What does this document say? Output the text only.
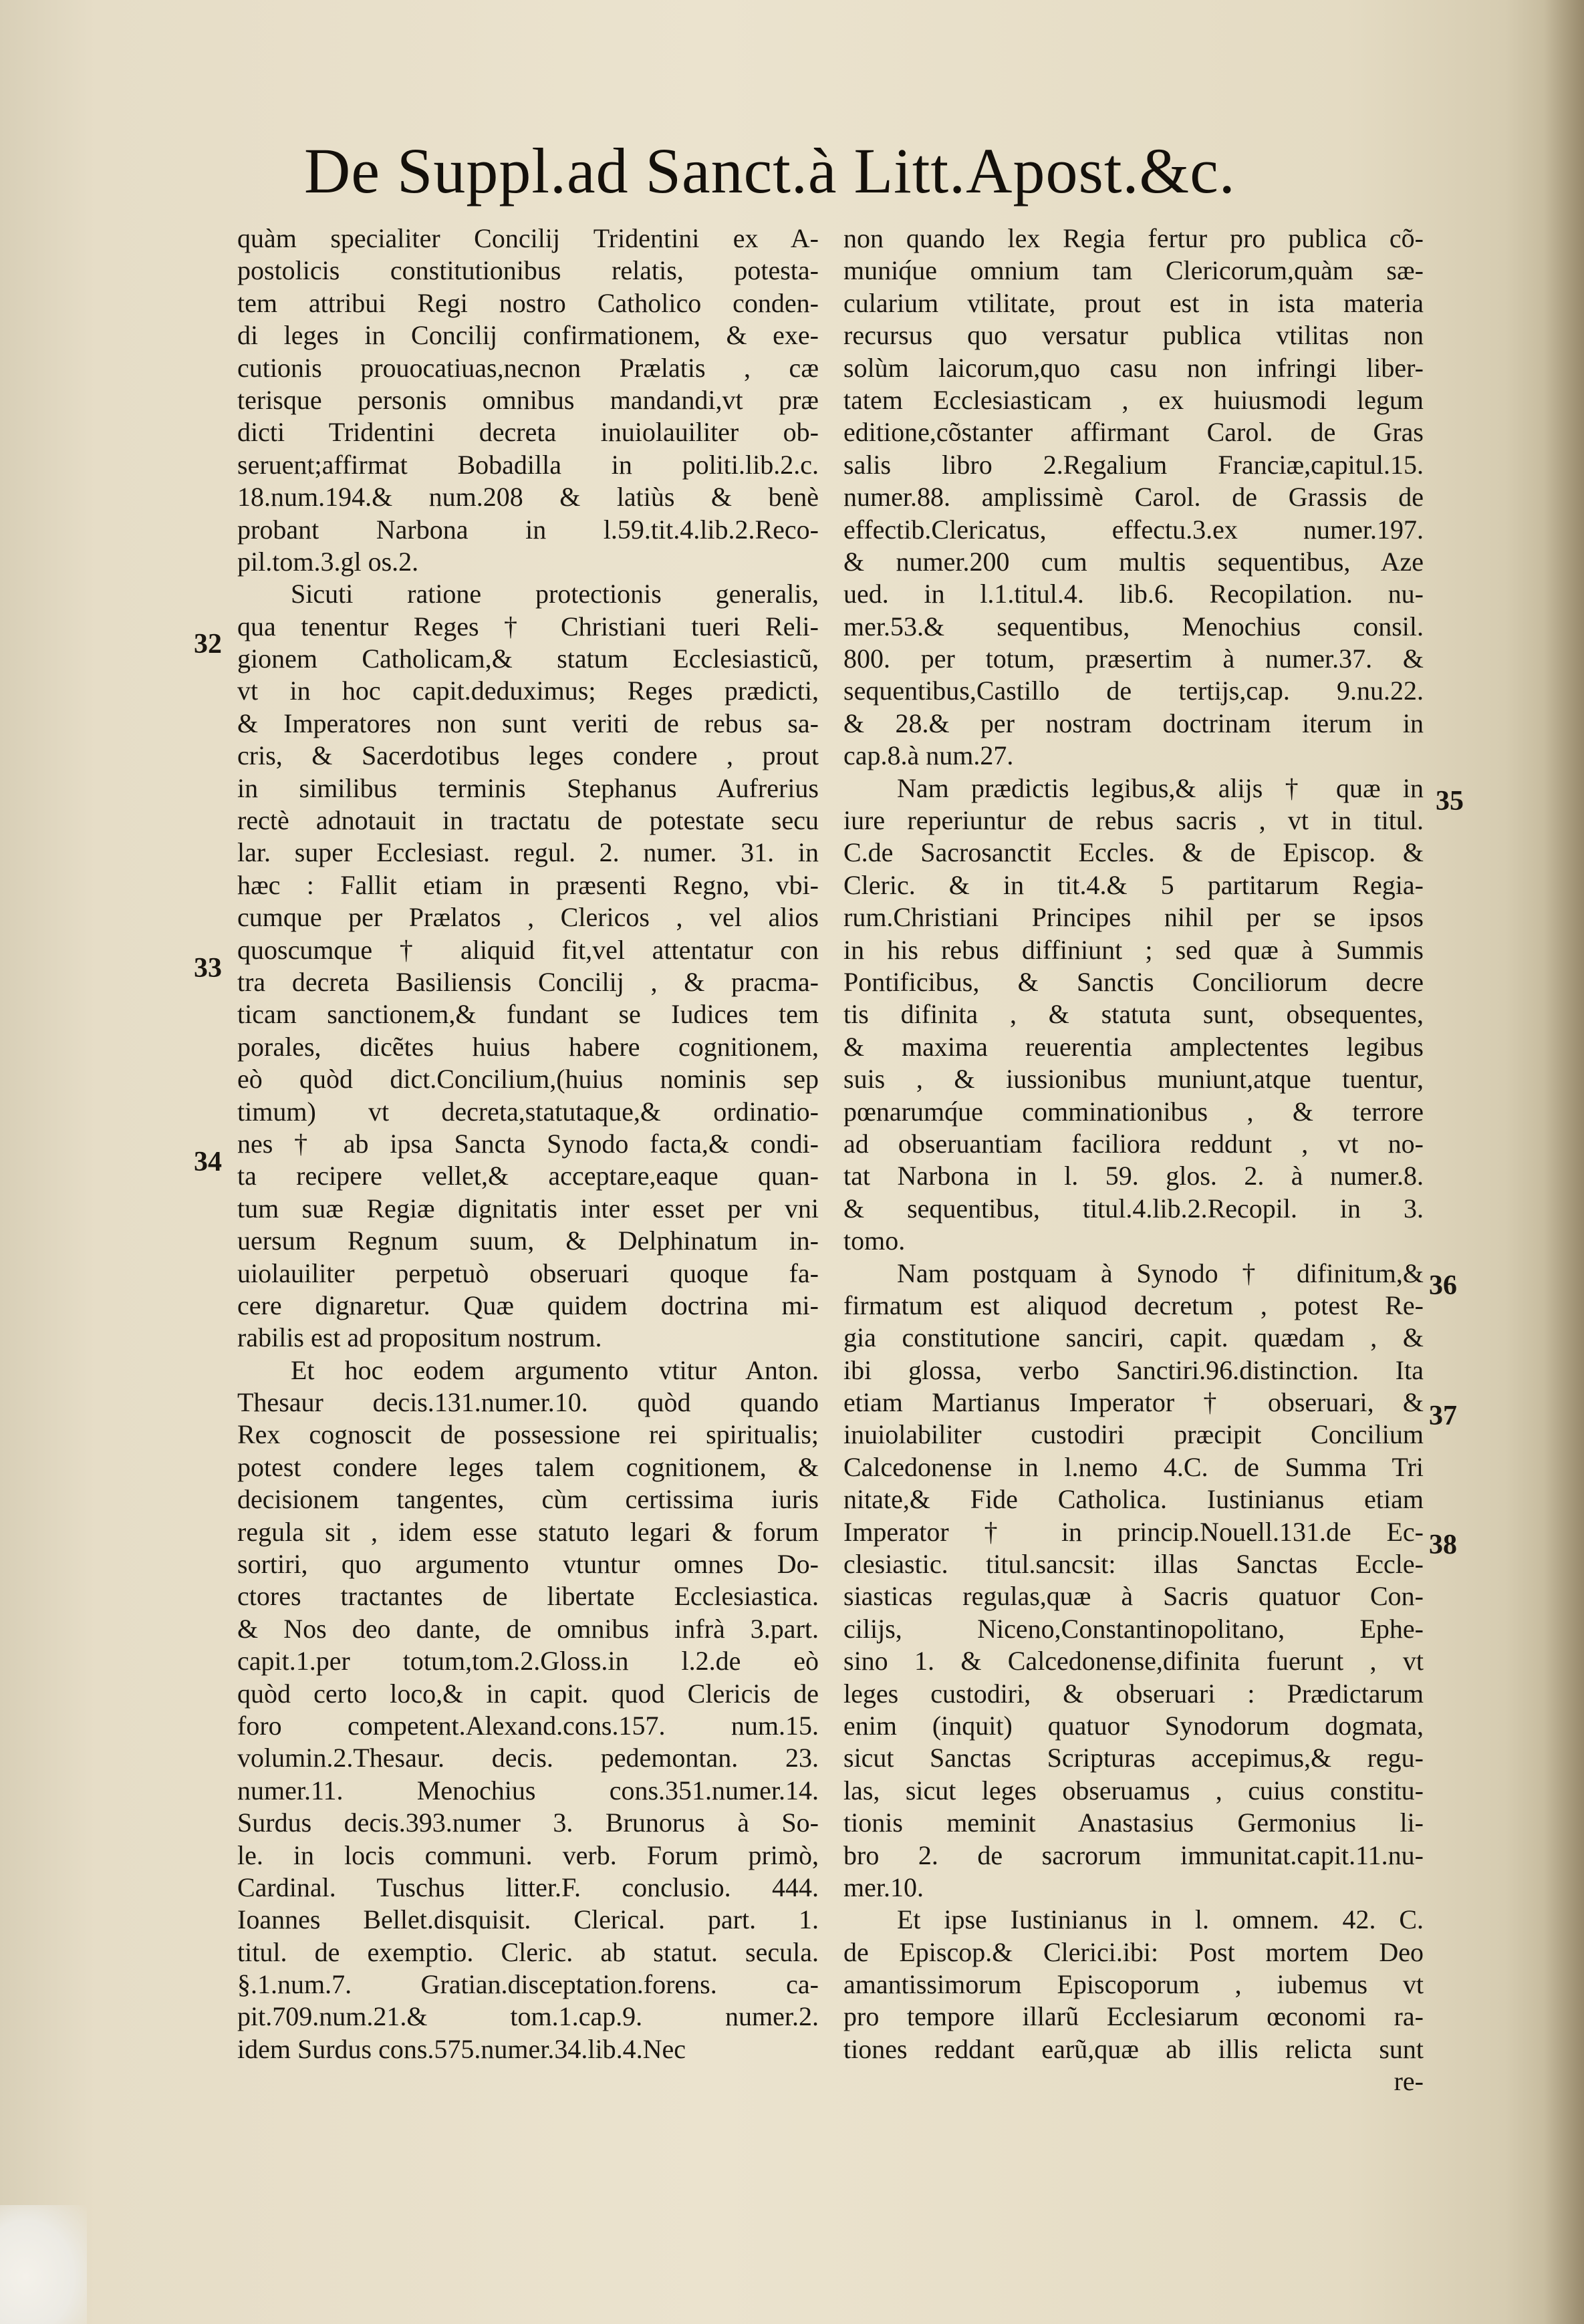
De Suppl.ad Sanct.à Litt.Apost.&c.
quàm specialiter Concilij Tridentini ex A-
postolicis constitutionibus relatis, potesta-
tem attribui Regi nostro Catholico conden-
di leges in Concilij confirmationem, & exe-
cutionis prouocatiuas,necnon Prælatis , cæ
terisque personis omnibus mandandi,vt præ
dicti Tridentini decreta inuiolauiliter ob-
seruent;affirmat Bobadilla in politi.lib.2.c.
18.num.194.& num.208 & latiùs & benè
probant Narbona in l.59.tit.4.lib.2.Reco-
pil.tom.3.gl os.2.
Sicuti ratione protectionis generalis,
qua tenentur Reges † Christiani tueri Reli-
gionem Catholicam,& statum Ecclesiasticũ,
vt in hoc capit.deduximus; Reges prædicti,
& Imperatores non sunt veriti de rebus sa-
cris, & Sacerdotibus leges condere , prout
in similibus terminis Stephanus Aufrerius
rectè adnotauit in tractatu de potestate secu
lar. super Ecclesiast. regul. 2. numer. 31. in
hæc : Fallit etiam in præsenti Regno, vbi-
cumque per Prælatos , Clericos , vel alios
quoscumque † aliquid fit,vel attentatur con
tra decreta Basiliensis Concilij , & pracma-
ticam sanctionem,& fundant se Iudices tem
porales, dicẽtes huius habere cognitionem,
eò quòd dict.Concilium,(huius nominis sep
timum) vt decreta,statutaque,& ordinatio-
nes † ab ipsa Sancta Synodo facta,& condi-
ta recipere vellet,& acceptare,eaque quan-
tum suæ Regiæ dignitatis inter esset per vni
uersum Regnum suum, & Delphinatum in-
uiolauiliter perpetuò obseruari quoque fa-
cere dignaretur. Quæ quidem doctrina mi-
rabilis est ad propositum nostrum.
Et hoc eodem argumento vtitur Anton.
Thesaur decis.131.numer.10. quòd quando
Rex cognoscit de possessione rei spiritualis;
potest condere leges talem cognitionem, &
decisionem tangentes, cùm certissima iuris
regula sit , idem esse statuto legari & forum
sortiri, quo argumento vtuntur omnes Do-
ctores tractantes de libertate Ecclesiastica.
& Nos deo dante, de omnibus infrà 3.part.
capit.1.per totum,tom.2.Gloss.in l.2.de eò
quòd certo loco,& in capit. quod Clericis de
foro competent.Alexand.cons.157. num.15.
volumin.2.Thesaur. decis. pedemontan. 23.
numer.11. Menochius cons.351.numer.14.
Surdus decis.393.numer 3. Brunorus à So-
le. in locis communi. verb. Forum primò,
Cardinal. Tuschus litter.F. conclusio. 444.
Ioannes Bellet.disquisit. Clerical. part. 1.
titul. de exemptio. Cleric. ab statut. secula.
§.1.num.7. Gratian.disceptation.forens. ca-
pit.709.num.21.& tom.1.cap.9. numer.2.
idem Surdus cons.575.numer.34.lib.4.Nec
non quando lex Regia fertur pro publica cõ-
muniq́ue omnium tam Clericorum,quàm sæ-
cularium vtilitate, prout est in ista materia
recursus quo versatur publica vtilitas non
solùm laicorum,quo casu non infringi liber-
tatem Ecclesiasticam , ex huiusmodi legum
editione,cõstanter affirmant Carol. de Gras
salis libro 2.Regalium Franciæ,capitul.15.
numer.88. amplissimè Carol. de Grassis de
effectib.Clericatus, effectu.3.ex numer.197.
& numer.200 cum multis sequentibus, Aze
ued. in l.1.titul.4. lib.6. Recopilation. nu-
mer.53.& sequentibus, Menochius consil.
800. per totum, præsertim à numer.37. &
sequentibus,Castillo de tertijs,cap. 9.nu.22.
& 28.& per nostram doctrinam iterum in
cap.8.à num.27.
Nam prædictis legibus,& alijs † quæ in
iure reperiuntur de rebus sacris , vt in titul.
C.de Sacrosanctit Eccles. & de Episcop. &
Cleric. & in tit.4.& 5 partitarum Regia-
rum.Christiani Principes nihil per se ipsos
in his rebus diffiniunt ; sed quæ à Summis
Pontificibus, & Sanctis Conciliorum decre
tis difinita , & statuta sunt, obsequentes,
& maxima reuerentia amplectentes legibus
suis , & iussionibus muniunt,atque tuentur,
pœnarumq́ue comminationibus , & terrore
ad obseruantiam faciliora reddunt , vt no-
tat Narbona in l. 59. glos. 2. à numer.8.
& sequentibus, titul.4.lib.2.Recopil. in 3.
tomo.
Nam postquam à Synodo † difinitum,&
firmatum est aliquod decretum , potest Re-
gia constitutione sanciri, capit. quædam , &
ibi glossa, verbo Sanctiri.96.distinction. Ita
etiam Martianus Imperator † obseruari, &
inuiolabiliter custodiri præcipit Concilium
Calcedonense in l.nemo 4.C. de Summa Tri
nitate,& Fide Catholica. Iustinianus etiam
Imperator † in princip.Nouell.131.de Ec-
clesiastic. titul.sancsit: illas Sanctas Eccle-
siasticas regulas,quæ à Sacris quatuor Con-
cilijs, Niceno,Constantinopolitano, Ephe-
sino 1. & Calcedonense,difinita fuerunt , vt
leges custodiri, & obseruari : Prædictarum
enim (inquit) quatuor Synodorum dogmata,
sicut Sanctas Scripturas accepimus,& regu-
las, sicut leges obseruamus , cuius constitu-
tionis meminit Anastasius Germonius li-
bro 2. de sacrorum immunitat.capit.11.nu-
mer.10.
Et ipse Iustinianus in l. omnem. 42. C.
de Episcop.& Clerici.ibi: Post mortem Deo
amantissimorum Episcoporum , iubemus vt
pro tempore illarũ Ecclesiarum œconomi ra-
tiones reddant earũ,quæ ab illis relicta sunt
re-
32
33
34
35
36
37
38
